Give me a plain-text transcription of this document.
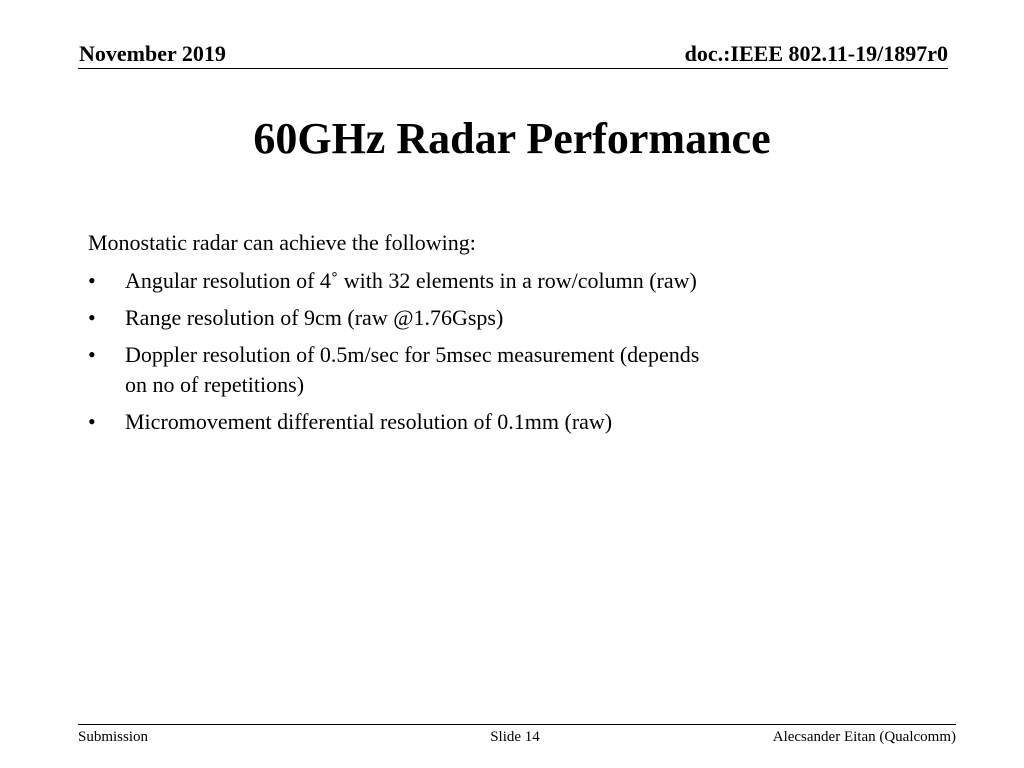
November 2019	doc.:IEEE 802.11-19/1897r0
60GHz Radar Performance

Monostatic radar can achieve the following:

• Angular resolution of 4˚ with 32 elements in a row/column (raw)
• Range resolution of 9cm (raw @1.76Gsps)
• Doppler resolution of 0.5m/sec for 5msec measurement (depends on no of repetitions)
• Micromovement differential resolution of 0.1mm (raw)
Submission	Slide 14	Alecsander Eitan (Qualcomm)
